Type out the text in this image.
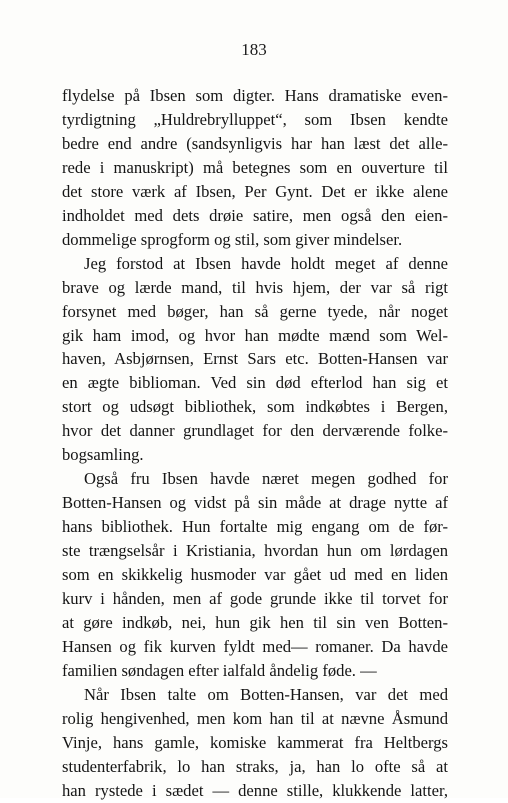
183
flydelse på Ibsen som digter. Hans dramatiske even-
tyrdigtning „Huldrebrylluppet“, som Ibsen kendte
bedre end andre (sandsynligvis har han læst det alle-
rede i manuskript) må betegnes som en ouverture til
det store værk af Ibsen, Per Gynt. Det er ikke alene
indholdet med dets drøie satire, men også den eien-
dommelige sprogform og stil, som giver mindelser.
Jeg forstod at Ibsen havde holdt meget af denne
brave og lærde mand, til hvis hjem, der var så rigt
forsynet med bøger, han så gerne tyede, når noget
gik ham imod, og hvor han mødte mænd som Wel-
haven, Asbjørnsen, Ernst Sars etc. Botten-Hansen var
en ægte biblioman. Ved sin død efterlod han sig et
stort og udsøgt bibliothek, som indkøbtes i Bergen,
hvor det danner grundlaget for den derværende folke-
bogsamling.
Også fru Ibsen havde næret megen godhed for
Botten-Hansen og vidst på sin måde at drage nytte af
hans bibliothek. Hun fortalte mig engang om de før-
ste trængselsår i Kristiania, hvordan hun om lørdagen
som en skikkelig husmoder var gået ud med en liden
kurv i hånden, men af gode grunde ikke til torvet for
at gøre indkøb, nei, hun gik hen til sin ven Botten-
Hansen og fik kurven fyldt med— romaner. Da havde
familien søndagen efter ialfald åndelig føde. —
Når Ibsen talte om Botten-Hansen, var det med
rolig hengivenhed, men kom han til at nævne Åsmund
Vinje, hans gamle, komiske kammerat fra Heltbergs
studenterfabrik, lo han straks, ja, han lo ofte så at
han rystede i sædet — denne stille, klukkende latter,
